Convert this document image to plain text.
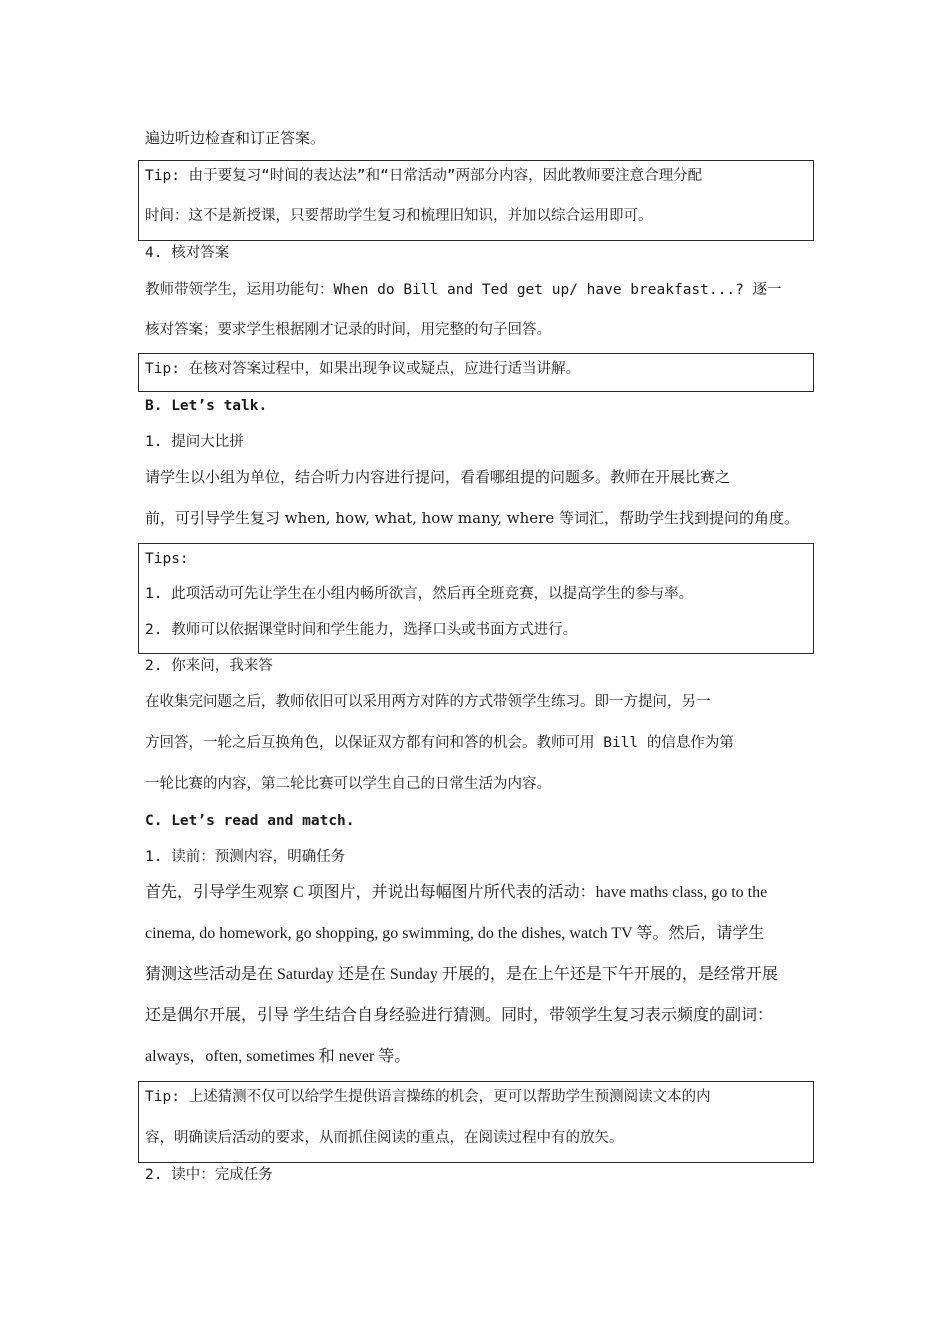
遍边听边检查和订正答案。
Tip: 由于要复习“时间的表达法”和“日常活动”两部分内容，因此教师要注意合理分配
时间：这不是新授课，只要帮助学生复习和梳理旧知识，并加以综合运用即可。
4. 核对答案
教师带领学生，运用功能句：When do Bill and Ted get up/ have breakfast...? 逐一
核对答案；要求学生根据刚才记录的时间，用完整的句子回答。
Tip: 在核对答案过程中，如果出现争议或疑点，应进行适当讲解。
B. Let’s talk.
1. 提问大比拼
请学生以小组为单位，结合听力内容进行提问，看看哪组提的问题多。教师在开展比赛之
前，可引导学生复习 when, how, what, how many, where 等词汇，帮助学生找到提问的角度。
Tips:
1. 此项活动可先让学生在小组内畅所欲言，然后再全班竞赛，以提高学生的参与率。
2. 教师可以依据课堂时间和学生能力，选择口头或书面方式进行。
2. 你来问，我来答
在收集完问题之后，教师依旧可以采用两方对阵的方式带领学生练习。即一方提问，另一
方回答，一轮之后互换角色，以保证双方都有问和答的机会。教师可用 Bill 的信息作为第
一轮比赛的内容，第二轮比赛可以学生自己的日常生活为内容。
C. Let’s read and match.
1. 读前：预测内容，明确任务
首先，引导学生观察 C 项图片，并说出每幅图片所代表的活动：have maths class, go to the
cinema, do homework, go shopping, go swimming, do the dishes, watch TV 等。然后，请学生
猜测这些活动是在 Saturday 还是在 Sunday 开展的，是在上午还是下午开展的，是经常开展
还是偶尔开展，引导 学生结合自身经验进行猜测。同时，带领学生复习表示频度的副词：
always，often, sometimes 和 never 等。
Tip: 上述猜测不仅可以给学生提供语言操练的机会，更可以帮助学生预测阅读文本的内
容，明确读后活动的要求，从而抓住阅读的重点，在阅读过程中有的放矢。
2. 读中：完成任务
